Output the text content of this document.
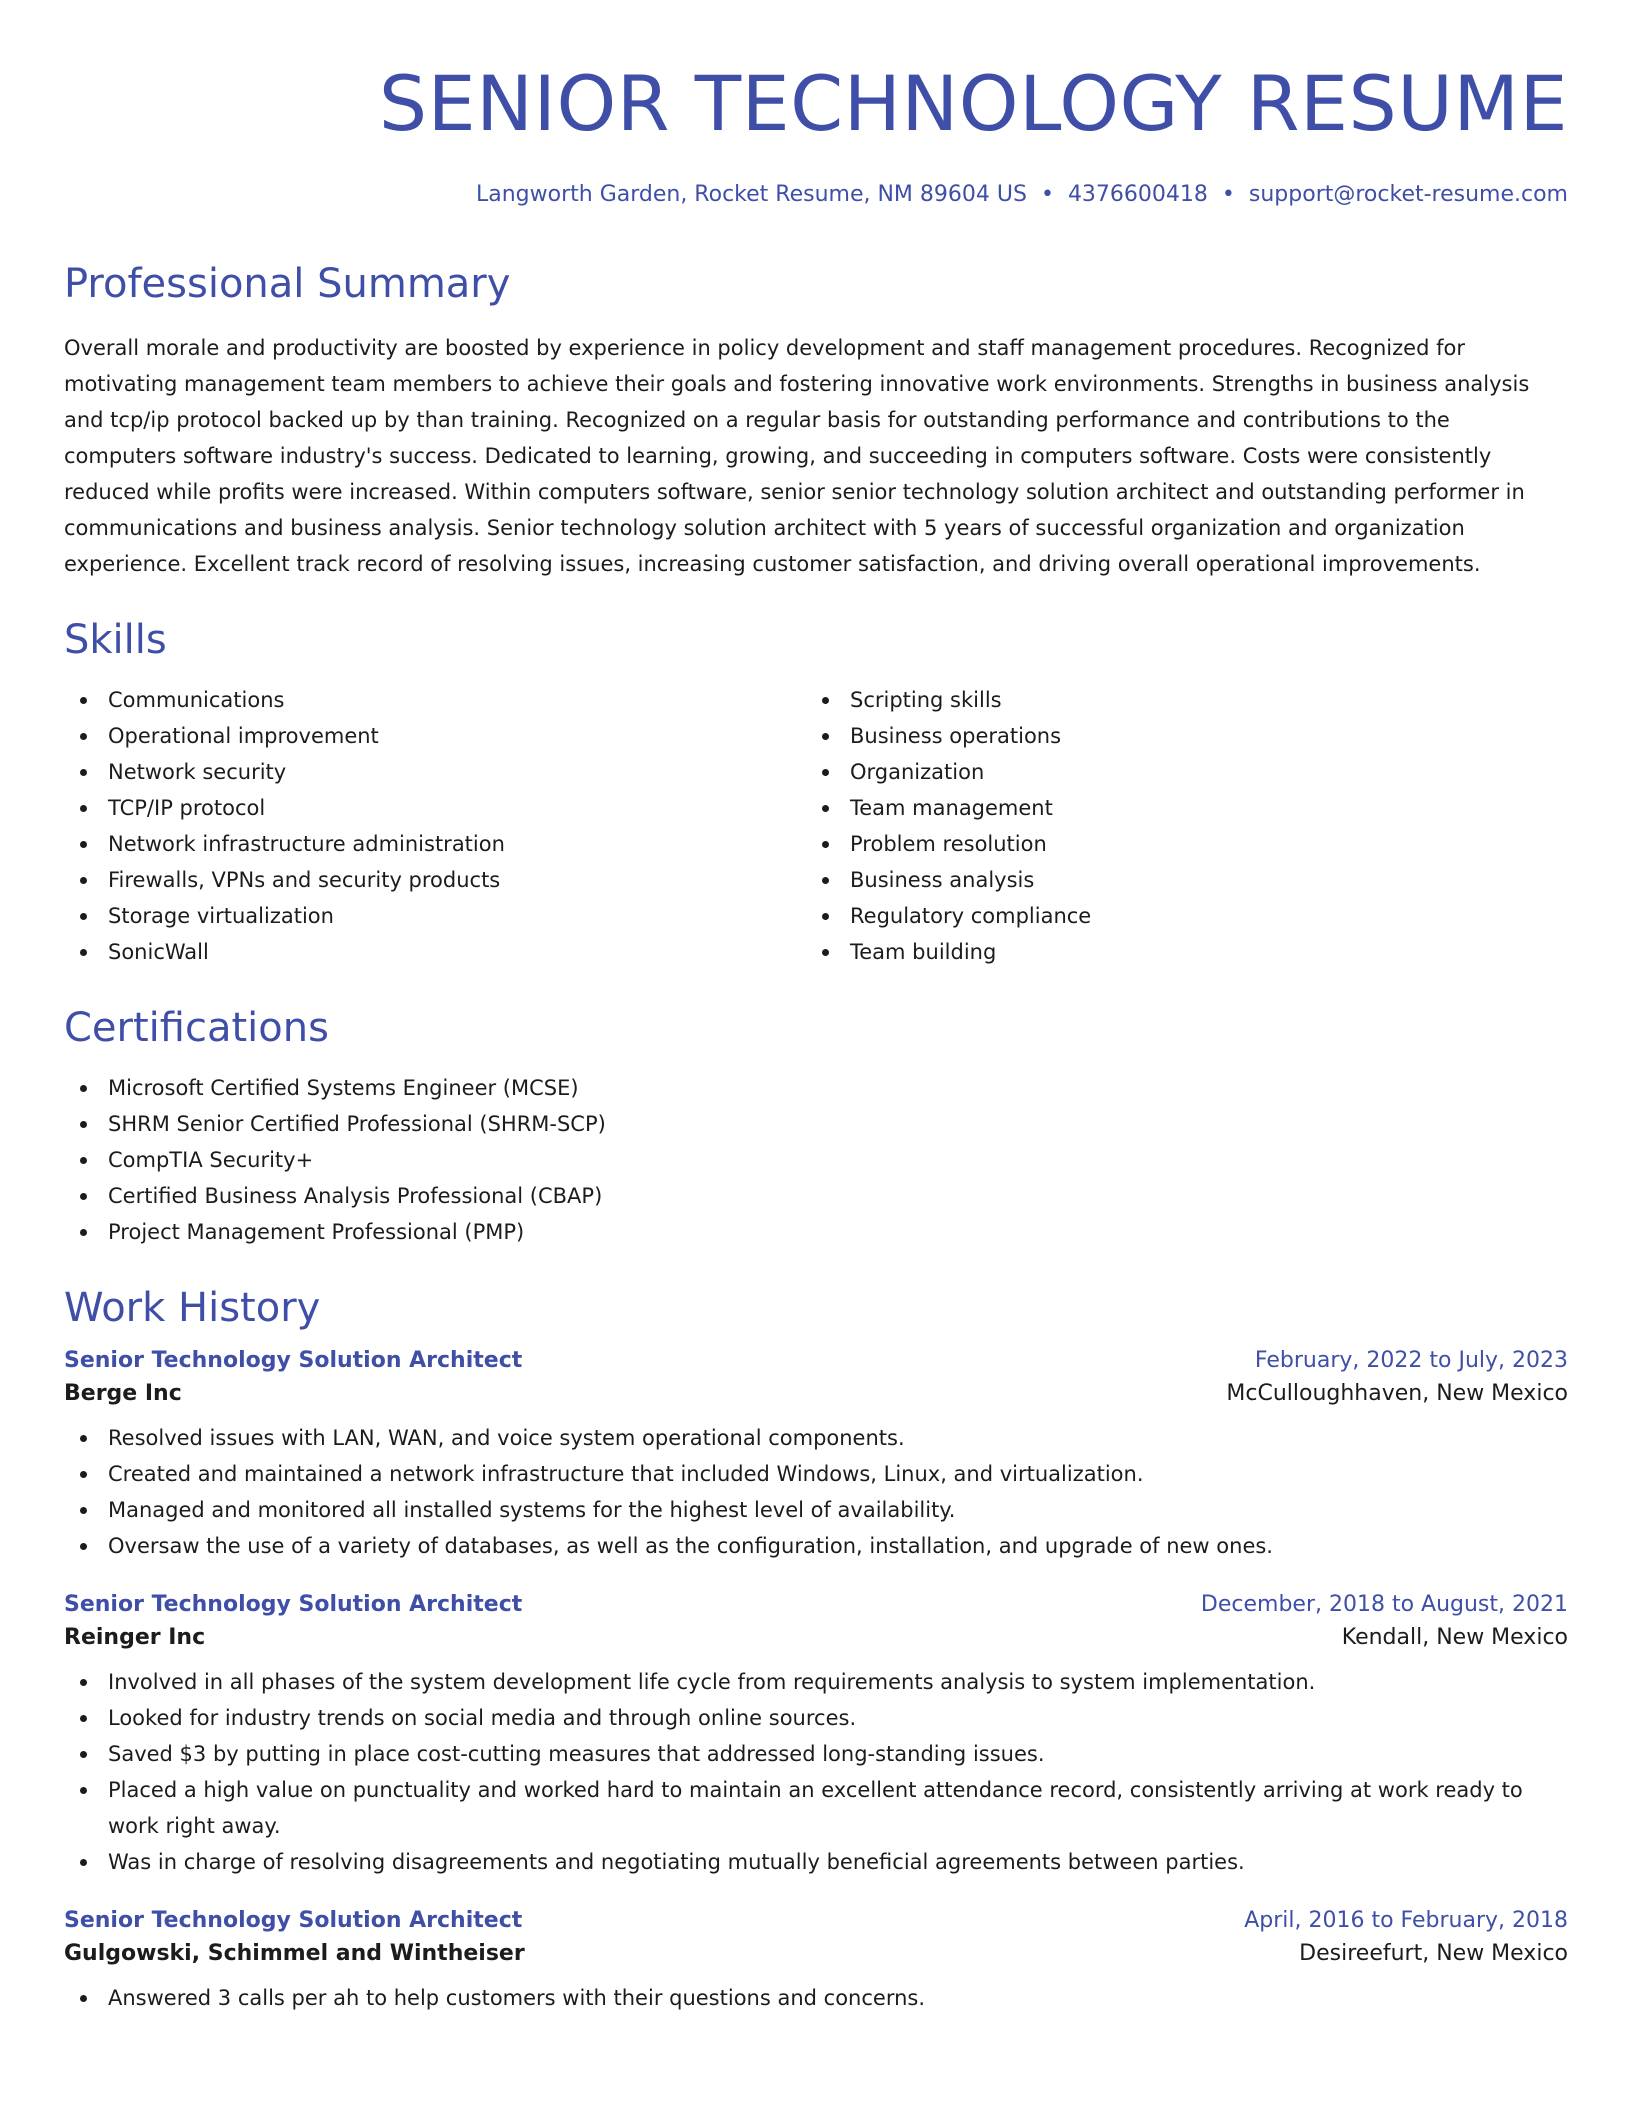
SENIOR TECHNOLOGY RESUME
Langworth Garden, Rocket Resume, NM 89604 US • 4376600418 • support@rocket-resume.com
Professional Summary

Overall morale and productivity are boosted by experience in policy development and staff management procedures. Recognized for motivating management team members to achieve their goals and fostering innovative work environments. Strengths in business analysis and tcp/ip protocol backed up by than training. Recognized on a regular basis for outstanding performance and contributions to the computers software industry's success. Dedicated to learning, growing, and succeeding in computers software. Costs were consistently reduced while profits were increased. Within computers software, senior senior technology solution architect and outstanding performer in communications and business analysis. Senior technology solution architect with 5 years of successful organization and organization experience. Excellent track record of resolving issues, increasing customer satisfaction, and driving overall operational improvements.

Skills
Communications
Operational improvement
Network security
TCP/IP protocol
Network infrastructure administration
Firewalls, VPNs and security products
Storage virtualization
SonicWall
Scripting skills
Business operations
Organization
Team management
Problem resolution
Business analysis
Regulatory compliance
Team building
Certifications
Microsoft Certified Systems Engineer (MCSE)
SHRM Senior Certified Professional (SHRM-SCP)
CompTIA Security+
Certified Business Analysis Professional (CBAP)
Project Management Professional (PMP)
Work History
Senior Technology Solution Architect	February, 2022 to July, 2023
Berge Inc	McCulloughhaven, New Mexico
Resolved issues with LAN, WAN, and voice system operational components.
Created and maintained a network infrastructure that included Windows, Linux, and virtualization.
Managed and monitored all installed systems for the highest level of availability.
Oversaw the use of a variety of databases, as well as the configuration, installation, and upgrade of new ones.
Senior Technology Solution Architect	December, 2018 to August, 2021
Reinger Inc	Kendall, New Mexico
Involved in all phases of the system development life cycle from requirements analysis to system implementation.
Looked for industry trends on social media and through online sources.
Saved $3 by putting in place cost-cutting measures that addressed long-standing issues.
Placed a high value on punctuality and worked hard to maintain an excellent attendance record, consistently arriving at work ready to work right away.
Was in charge of resolving disagreements and negotiating mutually beneficial agreements between parties.
Senior Technology Solution Architect	April, 2016 to February, 2018
Gulgowski, Schimmel and Wintheiser	Desireefurt, New Mexico
Answered 3 calls per ah to help customers with their questions and concerns.
